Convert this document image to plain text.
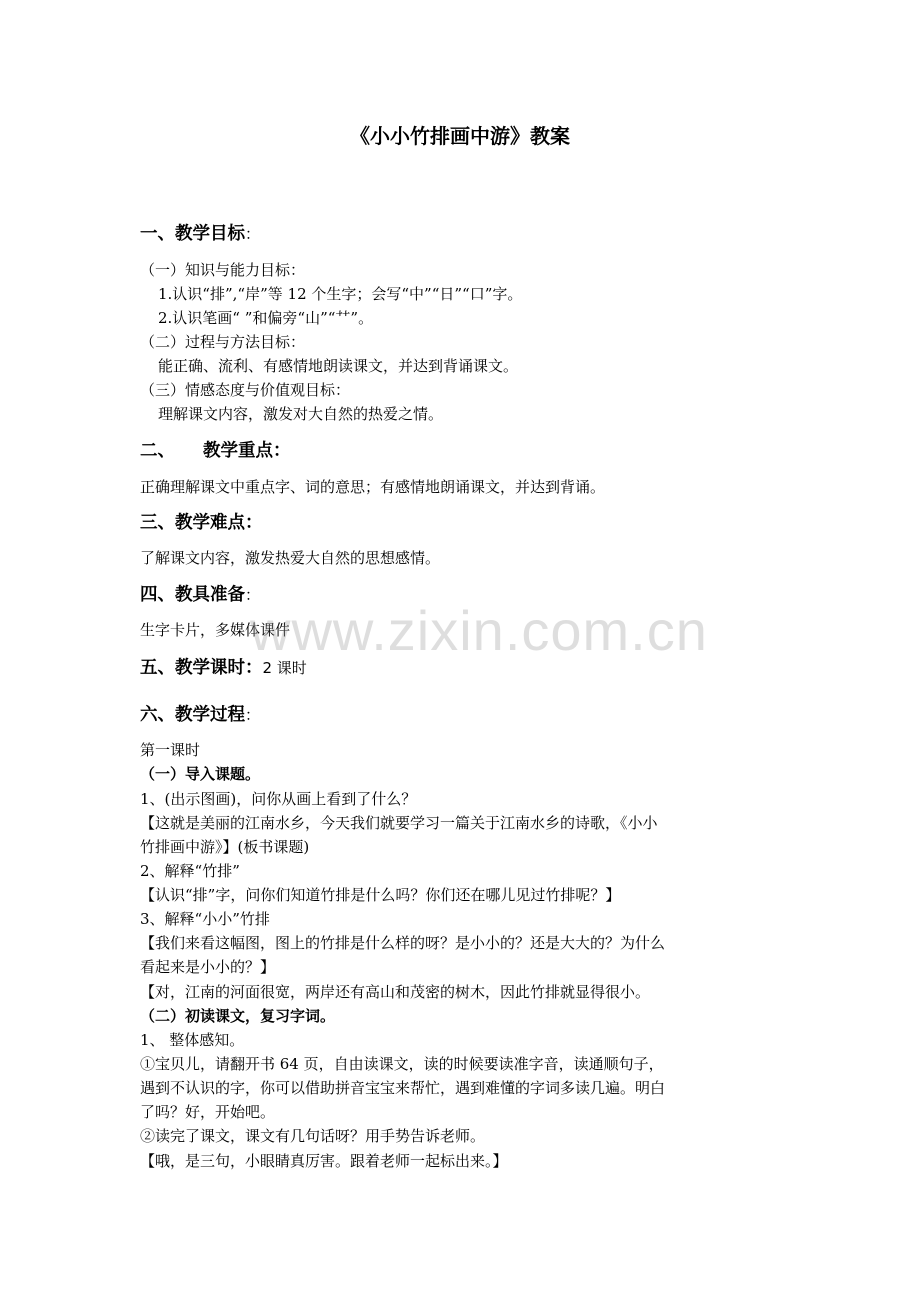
《小小竹排画中游》教案
一、教学目标：
（一）知识与能力目标：
1.认识“排”,“岸”等 12 个生字；会写“中”“日”“口”字。
2.认识笔画“ ”和偏旁“山”“⺿”。
（二）过程与方法目标：
能正确、流利、有感情地朗读课文，并达到背诵课文。
（三）情感态度与价值观目标：
理解课文内容，激发对大自然的热爱之情。
二、 教学重点：
正确理解课文中重点字、词的意思；有感情地朗诵课文，并达到背诵。
三、教学难点：
了解课文内容，激发热爱大自然的思想感情。
四、教具准备：
生字卡片，多媒体课件
五、教学课时：2 课时
六、教学过程：
第一课时
（一）导入课题。
1、(出示图画)，问你从画上看到了什么？
【这就是美丽的江南水乡，今天我们就要学习一篇关于江南水乡的诗歌，《小小
竹排画中游》】(板书课题)
2、解释“竹排”
【认识“排”字，问你们知道竹排是什么吗？你们还在哪儿见过竹排呢？】
3、解释“小小”竹排
【我们来看这幅图，图上的竹排是什么样的呀？是小小的？还是大大的？为什么
看起来是小小的？】
【对，江南的河面很宽，两岸还有高山和茂密的树木，因此竹排就显得很小。
（二）初读课文，复习字词。
1、 整体感知。
①宝贝儿，请翻开书 64 页，自由读课文，读的时候要读准字音，读通顺句子，
遇到不认识的字，你可以借助拼音宝宝来帮忙，遇到难懂的字词多读几遍。明白
了吗？好，开始吧。
②读完了课文，课文有几句话呀？用手势告诉老师。
【哦，是三句，小眼睛真厉害。跟着老师一起标出来。】
www.zixin.com.cn
